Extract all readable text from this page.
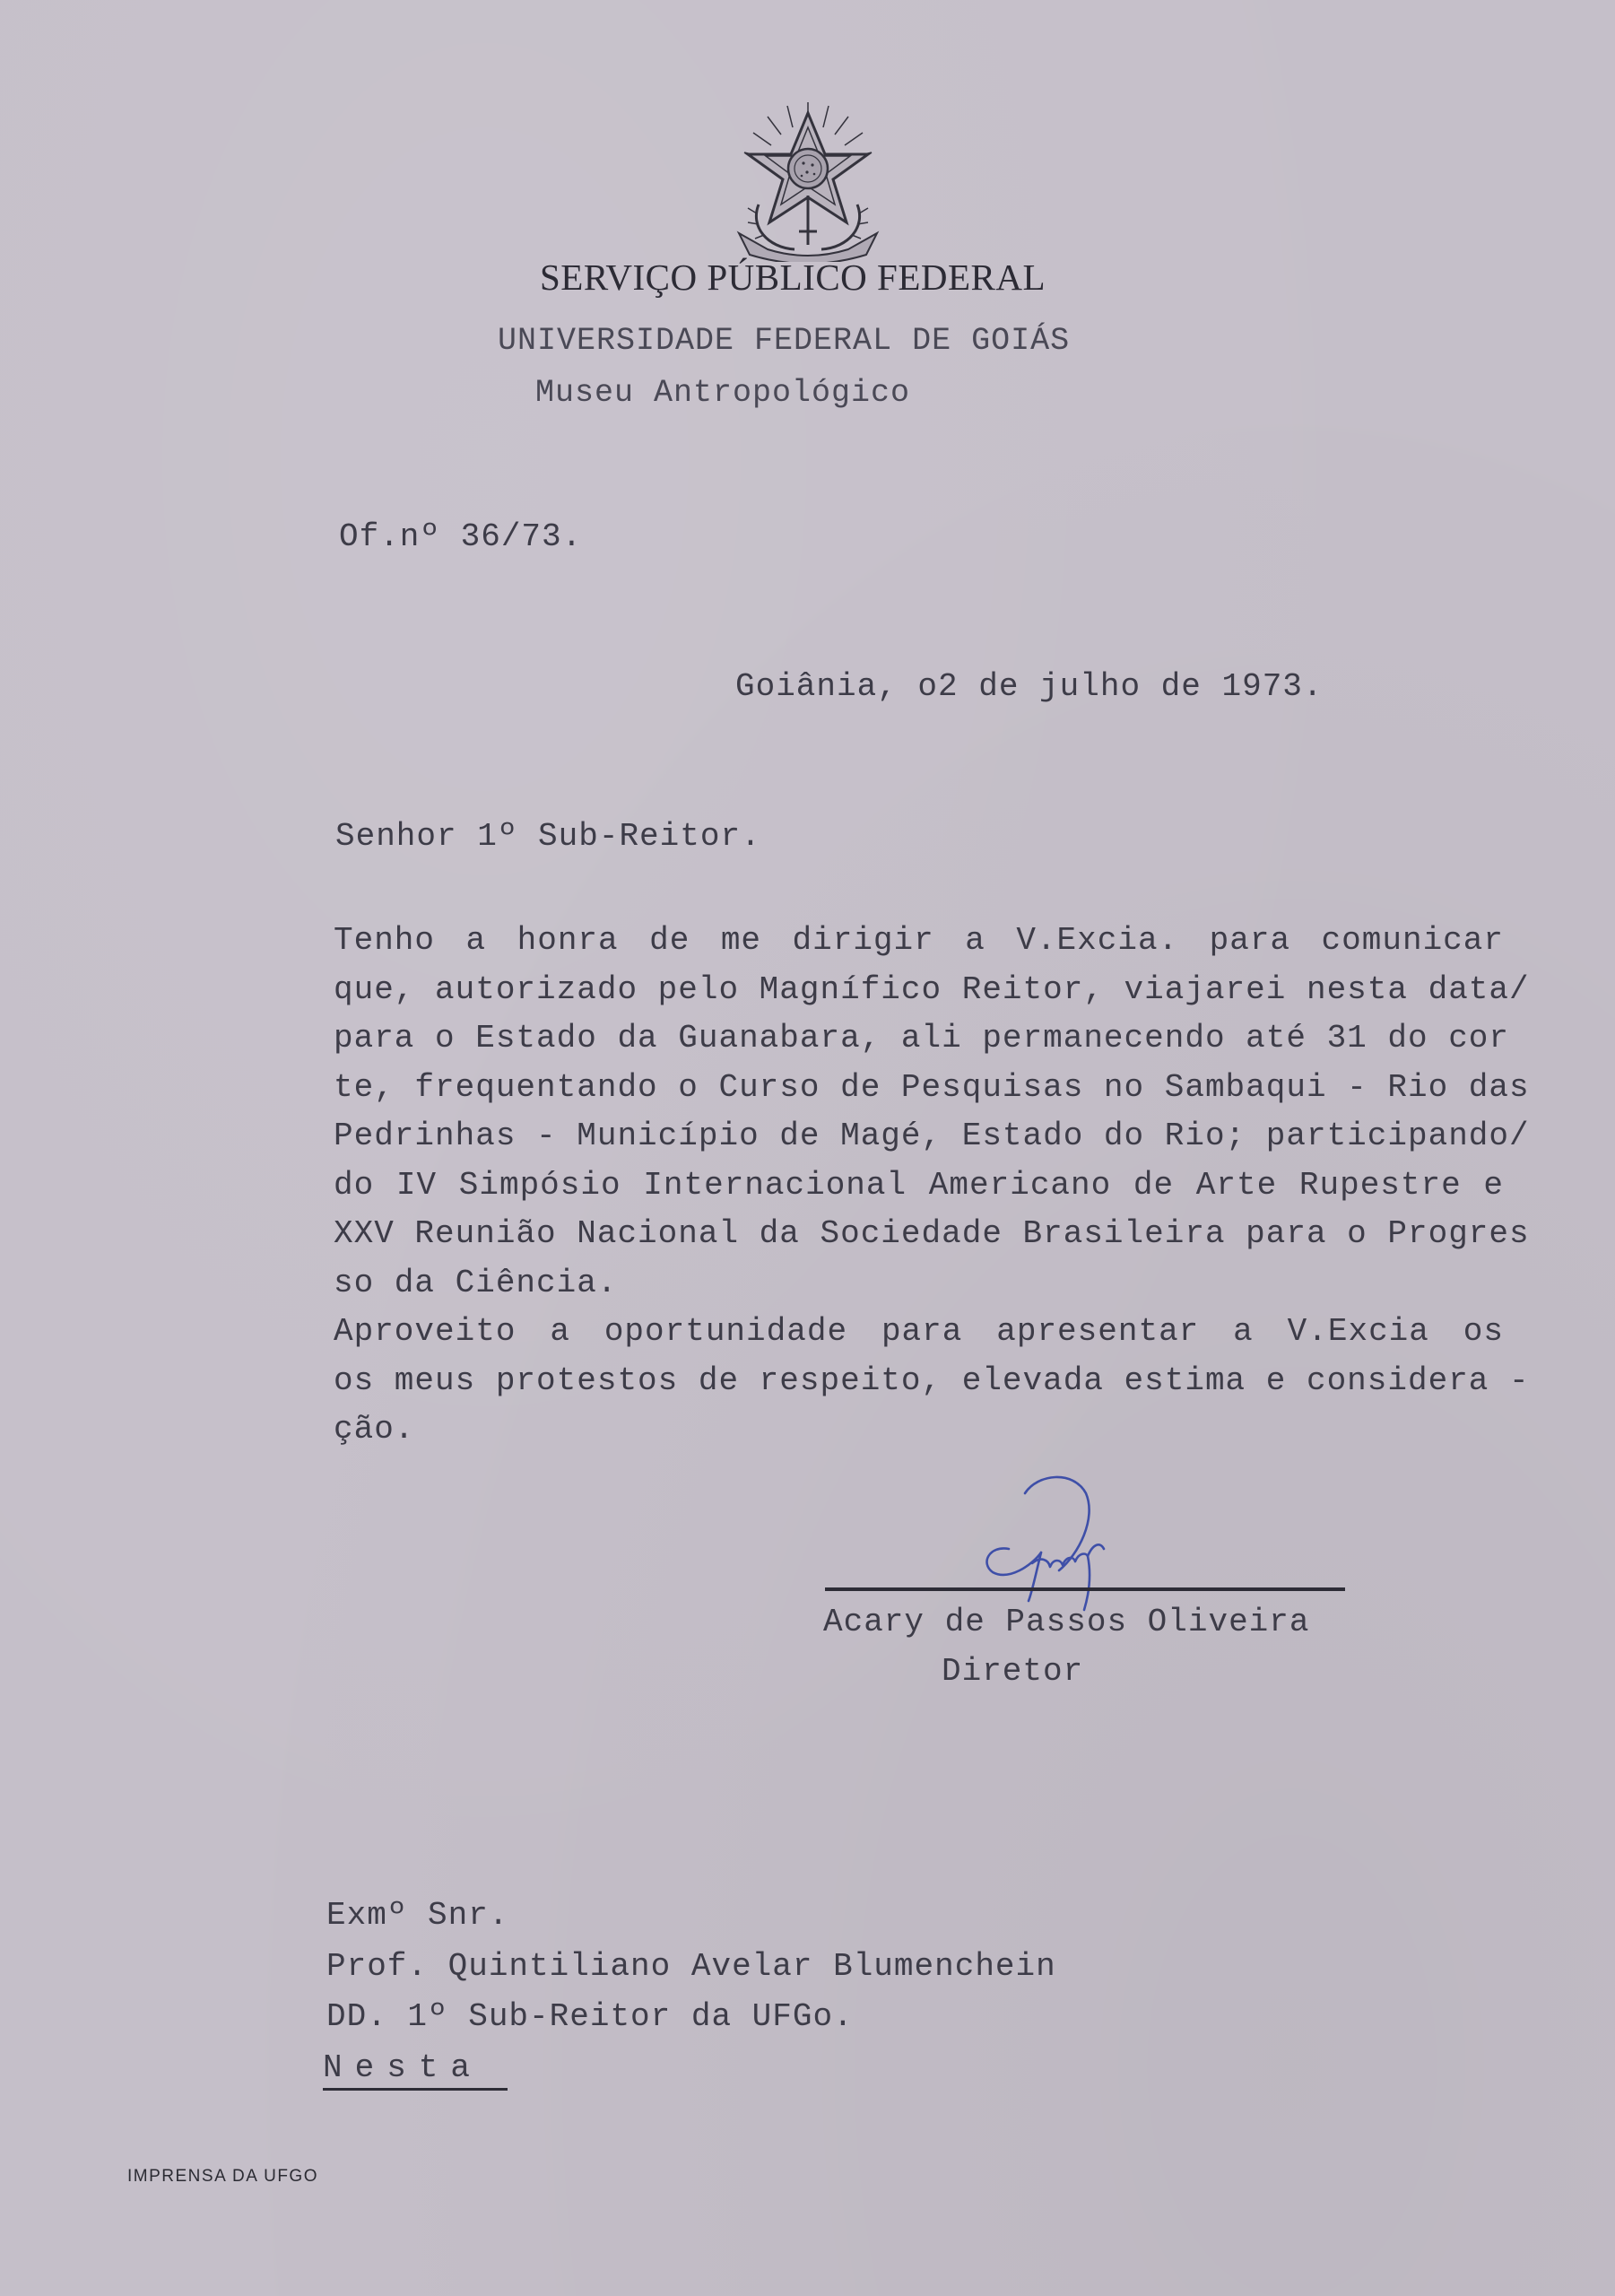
SERVIÇO PÚBLICO FEDERAL
UNIVERSIDADE FEDERAL DE GOIÁS
Museu Antropológico
Of.nº 36/73.
Goiânia, o2 de julho de 1973.
Senhor 1º Sub-Reitor.
Tenho a honra de me dirigir a V.Excia. para comunicar
que, autorizado pelo Magnífico Reitor, viajarei nesta data/
para o Estado da Guanabara, ali permanecendo até 31 do cor
te, frequentando o Curso de Pesquisas no Sambaqui - Rio das
Pedrinhas - Município de Magé, Estado do Rio; participando/
do IV Simpósio Internacional Americano de Arte Rupestre e
XXV Reunião Nacional da Sociedade Brasileira para o Progres
so da Ciência.
Aproveito a oportunidade para apresentar a V.Excia os
os meus protestos de respeito, elevada estima e considera -
ção.
Acary de Passos Oliveira
Diretor
Exmº Snr.
Prof. Quintiliano Avelar Blumenchein
DD. 1º Sub-Reitor da UFGo.
Nesta
IMPRENSA DA UFGO
